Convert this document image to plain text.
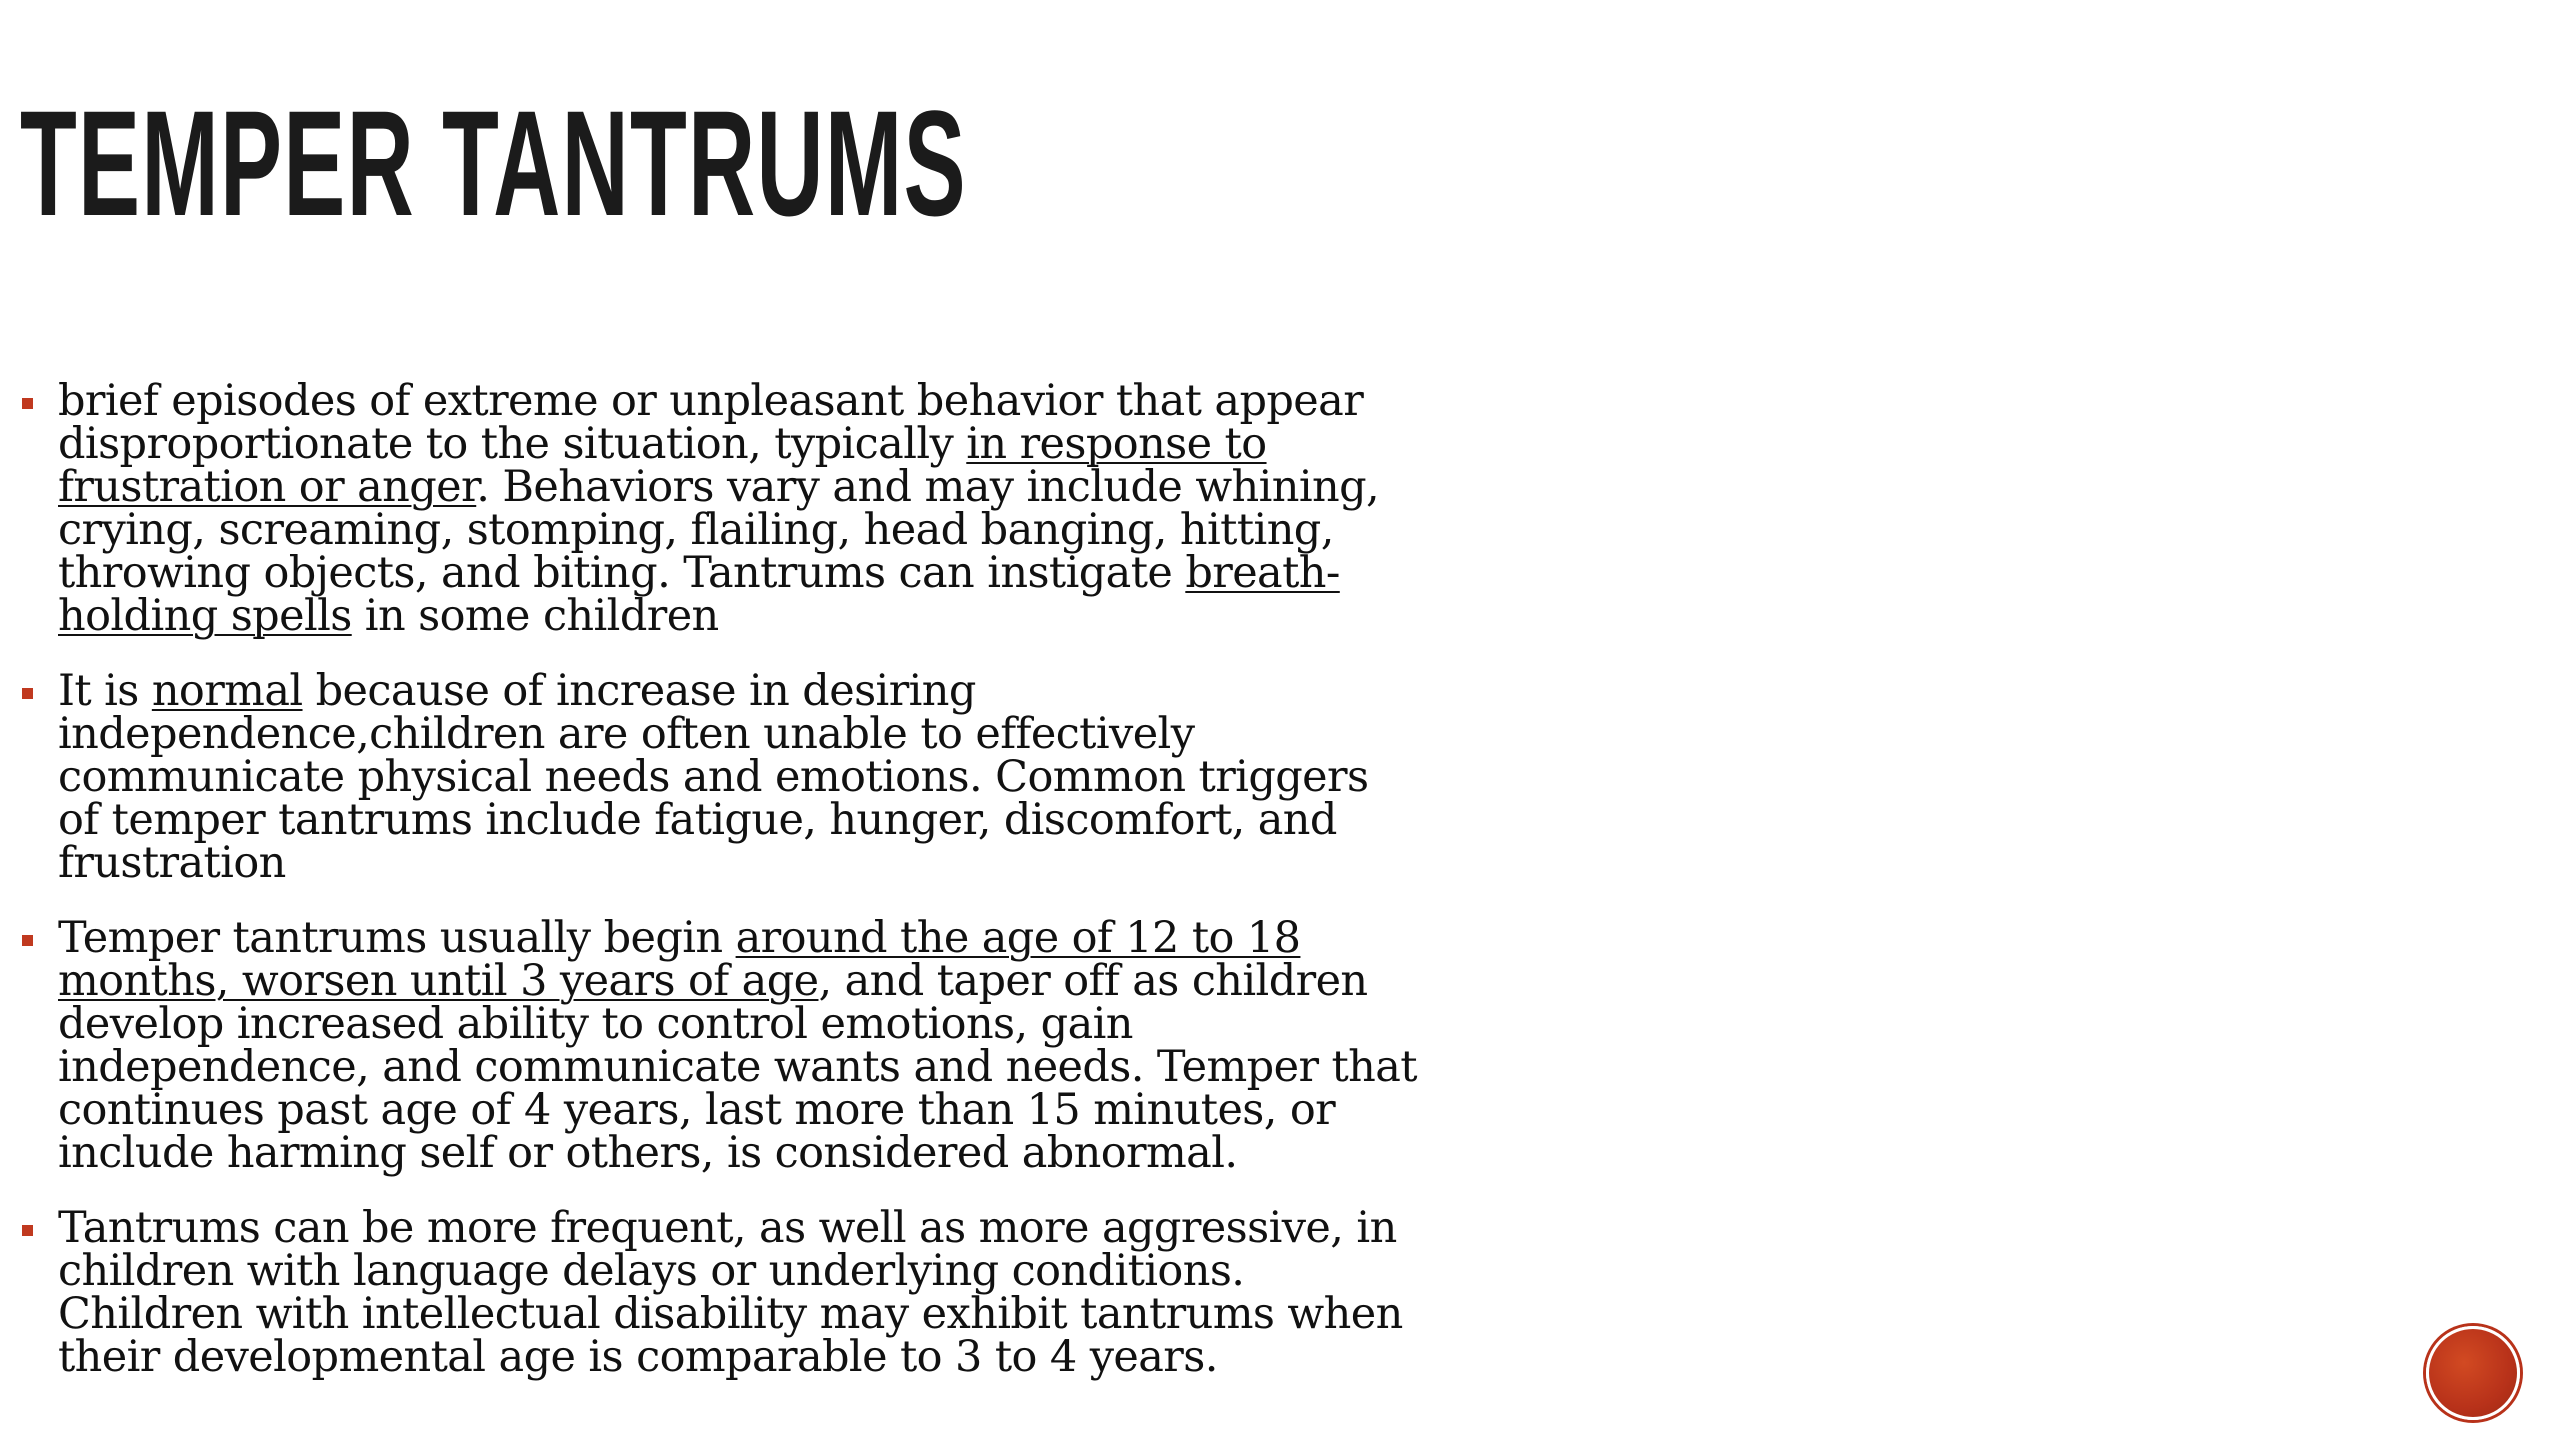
TEMPER TANTRUMS
brief episodes of extreme or unpleasant behavior that appear
disproportionate to the situation, typically in response to
frustration or anger. Behaviors vary and may include whining,
crying, screaming, stomping, flailing, head banging, hitting,
throwing objects, and biting. Tantrums can instigate breath-
holding spells in some children
It is normal because of increase in desiring
independence,children are often unable to effectively
communicate physical needs and emotions. Common triggers
of temper tantrums include fatigue, hunger, discomfort, and
frustration
Temper tantrums usually begin around the age of 12 to 18
months, worsen until 3 years of age, and taper off as children
develop increased ability to control emotions, gain
independence, and communicate wants and needs. Temper that
continues past age of 4 years, last more than 15 minutes, or
include harming self or others, is considered abnormal.
Tantrums can be more frequent, as well as more aggressive, in
children with language delays or underlying conditions.
Children with intellectual disability may exhibit tantrums when
their developmental age is comparable to 3 to 4 years.
